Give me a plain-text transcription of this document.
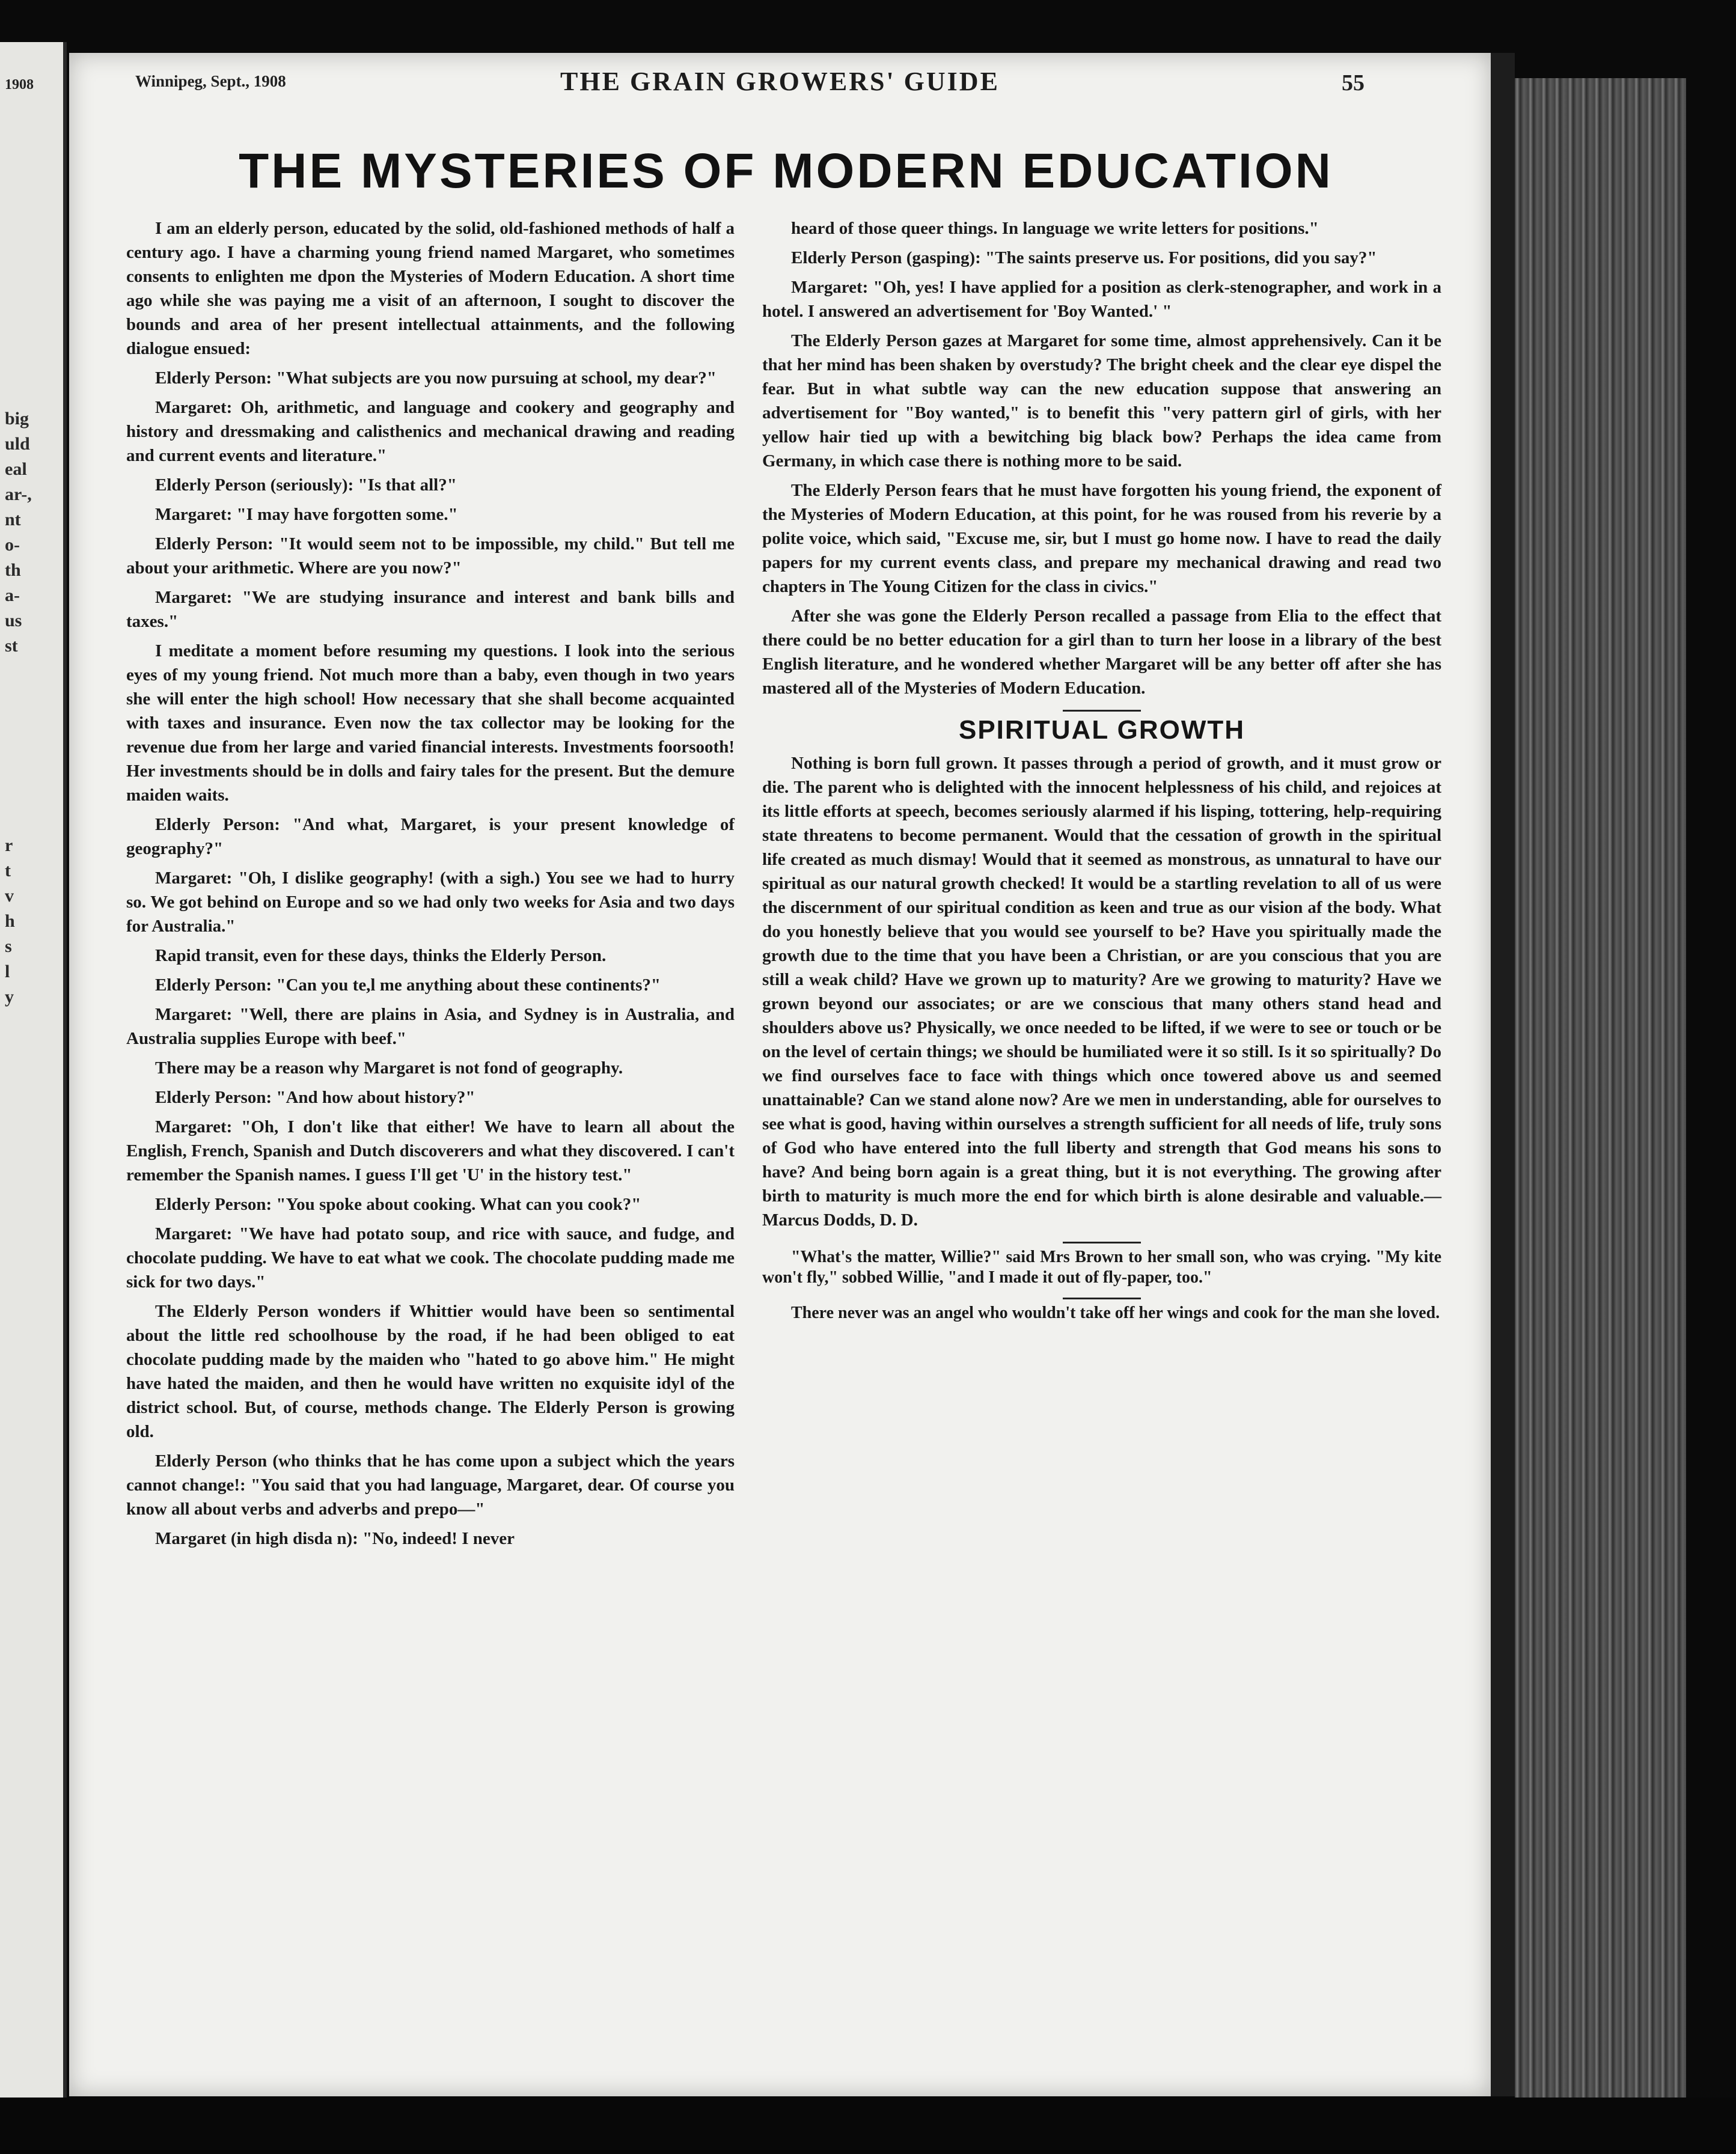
1908
big
uld
eal
ar-,
nt
o-
th
a-
us
st
r
t
v
h
s
l
y
Winnipeg, Sept., 1908	THE GRAIN GROWERS' GUIDE	55
THE MYSTERIES OF MODERN EDUCATION

I am an elderly person, educated by the solid, old-fashioned methods of half a century ago. I have a charming young friend named Margaret, who sometimes consents to enlighten me dpon the Mysteries of Modern Education. A short time ago while she was paying me a visit of an afternoon, I sought to discover the bounds and area of her present intellectual attainments, and the following dialogue ensued:

Elderly Person: "What subjects are you now pursuing at school, my dear?"

Margaret: Oh, arithmetic, and language and cookery and geography and history and dressmaking and calisthenics and mechanical drawing and reading and current events and literature."

Elderly Person (seriously): "Is that all?"

Margaret: "I may have forgotten some."

Elderly Person: "It would seem not to be impossible, my child." But tell me about your arithmetic. Where are you now?"

Margaret: "We are studying insurance and interest and bank bills and taxes."

I meditate a moment before resuming my questions. I look into the serious eyes of my young friend. Not much more than a baby, even though in two years she will enter the high school! How necessary that she shall become acquainted with taxes and insurance. Even now the tax collector may be looking for the revenue due from her large and varied financial interests. Investments foorsooth! Her investments should be in dolls and fairy tales for the present. But the demure maiden waits.

Elderly Person: "And what, Margaret, is your present knowledge of geography?"

Margaret: "Oh, I dislike geography! (with a sigh.) You see we had to hurry so. We got behind on Europe and so we had only two weeks for Asia and two days for Australia."

Rapid transit, even for these days, thinks the Elderly Person.

Elderly Person: "Can you te,l me anything about these continents?"

Margaret: "Well, there are plains in Asia, and Sydney is in Australia, and Australia supplies Europe with beef."

There may be a reason why Margaret is not fond of geography.

Elderly Person: "And how about history?"

Margaret: "Oh, I don't like that either! We have to learn all about the English, French, Spanish and Dutch discoverers and what they discovered. I can't remember the Spanish names. I guess I'll get 'U' in the history test."

Elderly Person: "You spoke about cooking. What can you cook?"

Margaret: "We have had potato soup, and rice with sauce, and fudge, and chocolate pudding. We have to eat what we cook. The chocolate pudding made me sick for two days."

The Elderly Person wonders if Whittier would have been so sentimental about the little red schoolhouse by the road, if he had been obliged to eat chocolate pudding made by the maiden who "hated to go above him." He might have hated the maiden, and then he would have written no exquisite idyl of the district school. But, of course, methods change. The Elderly Person is growing old.

Elderly Person (who thinks that he has come upon a subject which the years cannot change!: "You said that you had language, Margaret, dear. Of course you know all about verbs and adverbs and prepo—"

Margaret (in high disda n): "No, indeed! I never

heard of those queer things. In language we write letters for positions."

Elderly Person (gasping): "The saints preserve us. For positions, did you say?"

Margaret: "Oh, yes! I have applied for a position as clerk-stenographer, and work in a hotel. I answered an advertisement for 'Boy Wanted.' "

The Elderly Person gazes at Margaret for some time, almost apprehensively. Can it be that her mind has been shaken by overstudy? The bright cheek and the clear eye dispel the fear. But in what subtle way can the new education suppose that answering an advertisement for "Boy wanted," is to benefit this "very pattern girl of girls, with her yellow hair tied up with a bewitching big black bow? Perhaps the idea came from Germany, in which case there is nothing more to be said.

The Elderly Person fears that he must have forgotten his young friend, the exponent of the Mysteries of Modern Education, at this point, for he was roused from his reverie by a polite voice, which said, "Excuse me, sir, but I must go home now. I have to read the daily papers for my current events class, and prepare my mechanical drawing and read two chapters in The Young Citizen for the class in civics."

After she was gone the Elderly Person recalled a passage from Elia to the effect that there could be no better education for a girl than to turn her loose in a library of the best English literature, and he wondered whether Margaret will be any better off after she has mastered all of the Mysteries of Modern Education.

SPIRITUAL GROWTH

Nothing is born full grown. It passes through a period of growth, and it must grow or die. The parent who is delighted with the innocent helplessness of his child, and rejoices at its little efforts at speech, becomes seriously alarmed if his lisping, tottering, help-requiring state threatens to become permanent. Would that the cessation of growth in the spiritual life created as much dismay! Would that it seemed as monstrous, as unnatural to have our spiritual as our natural growth checked! It would be a startling revelation to all of us were the discernment of our spiritual condition as keen and true as our vision af the body. What do you honestly believe that you would see yourself to be? Have you spiritually made the growth due to the time that you have been a Christian, or are you conscious that you are still a weak child? Have we grown up to maturity? Are we growing to maturity? Have we grown beyond our associates; or are we conscious that many others stand head and shoulders above us? Physically, we once needed to be lifted, if we were to see or touch or be on the level of certain things; we should be humiliated were it so still. Is it so spiritually? Do we find ourselves face to face with things which once towered above us and seemed unattainable? Can we stand alone now? Are we men in understanding, able for ourselves to see what is good, having within ourselves a strength sufficient for all needs of life, truly sons of God who have entered into the full liberty and strength that God means his sons to have? And being born again is a great thing, but it is not everything. The growing after birth to maturity is much more the end for which birth is alone desirable and valuable.—Marcus Dodds, D. D.

"What's the matter, Willie?" said Mrs Brown to her small son, who was crying. "My kite won't fly," sobbed Willie, "and I made it out of fly-paper, too."

There never was an angel who wouldn't take off her wings and cook for the man she loved.
